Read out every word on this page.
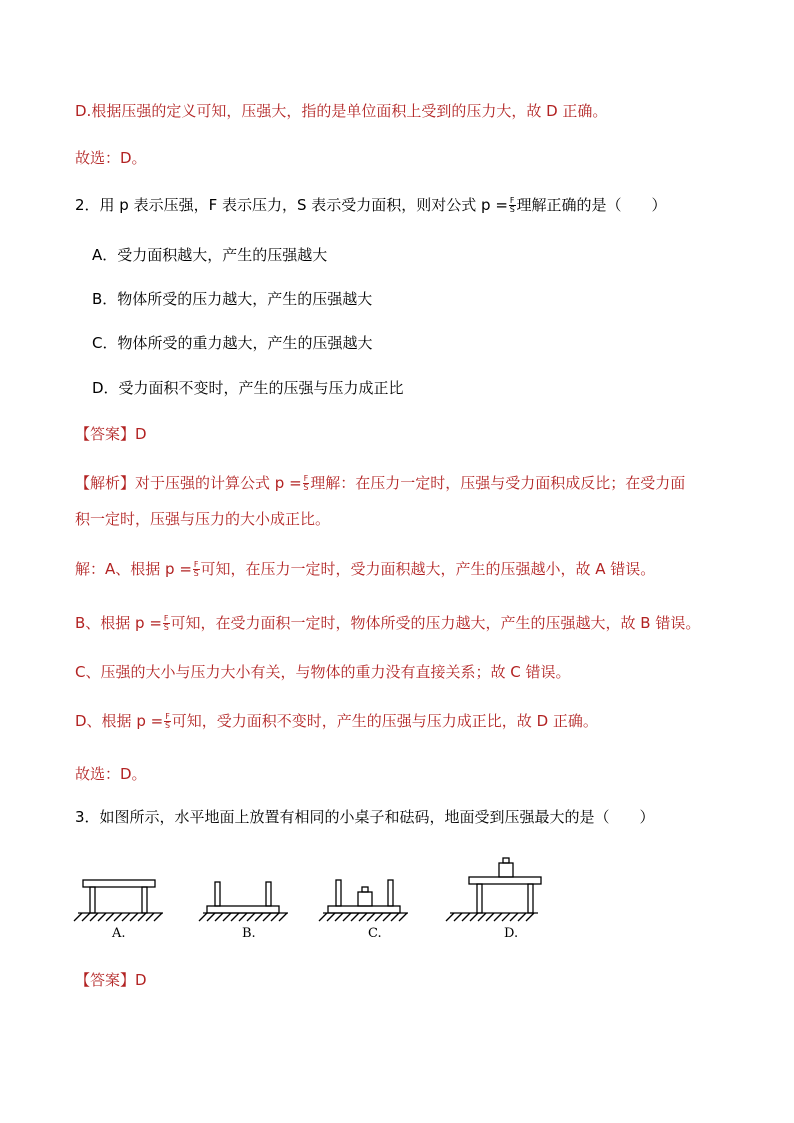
D.根据压强的定义可知，压强大，指的是单位面积上受到的压力大，故 D 正确。
故选：D。
2．用 p 表示压强，F 表示压力，S 表示受力面积，则对公式 $p = \frac{F}{S}$ 理解正确的是（　　）
A．受力面积越大，产生的压强越大
B．物体所受的压力越大，产生的压强越大
C．物体所受的重力越大，产生的压强越大
D．受力面积不变时，产生的压强与压力成正比
【答案】D
【解析】对于压强的计算公式 $p = \frac{F}{S}$ 理解：在压力一定时，压强与受力面积成反比；在受力面
积一定时，压强与压力的大小成正比。
解：A、根据 $p = \frac{F}{S}$ 可知，在压力一定时，受力面积越大，产生的压强越小，故 A 错误。
B、根据 $p = \frac{F}{S}$ 可知，在受力面积一定时，物体所受的压力越大，产生的压强越大，故 B 错误。
C、压强的大小与压力大小有关，与物体的重力没有直接关系；故 C 错误。
D、根据 $p = \frac{F}{S}$ 可知，受力面积不变时，产生的压强与压力成正比，故 D 正确。
故选：D。
3．如图所示，水平地面上放置有相同的小桌子和砝码，地面受到压强最大的是（　　）
A.	B.	C.	D.
【答案】D
